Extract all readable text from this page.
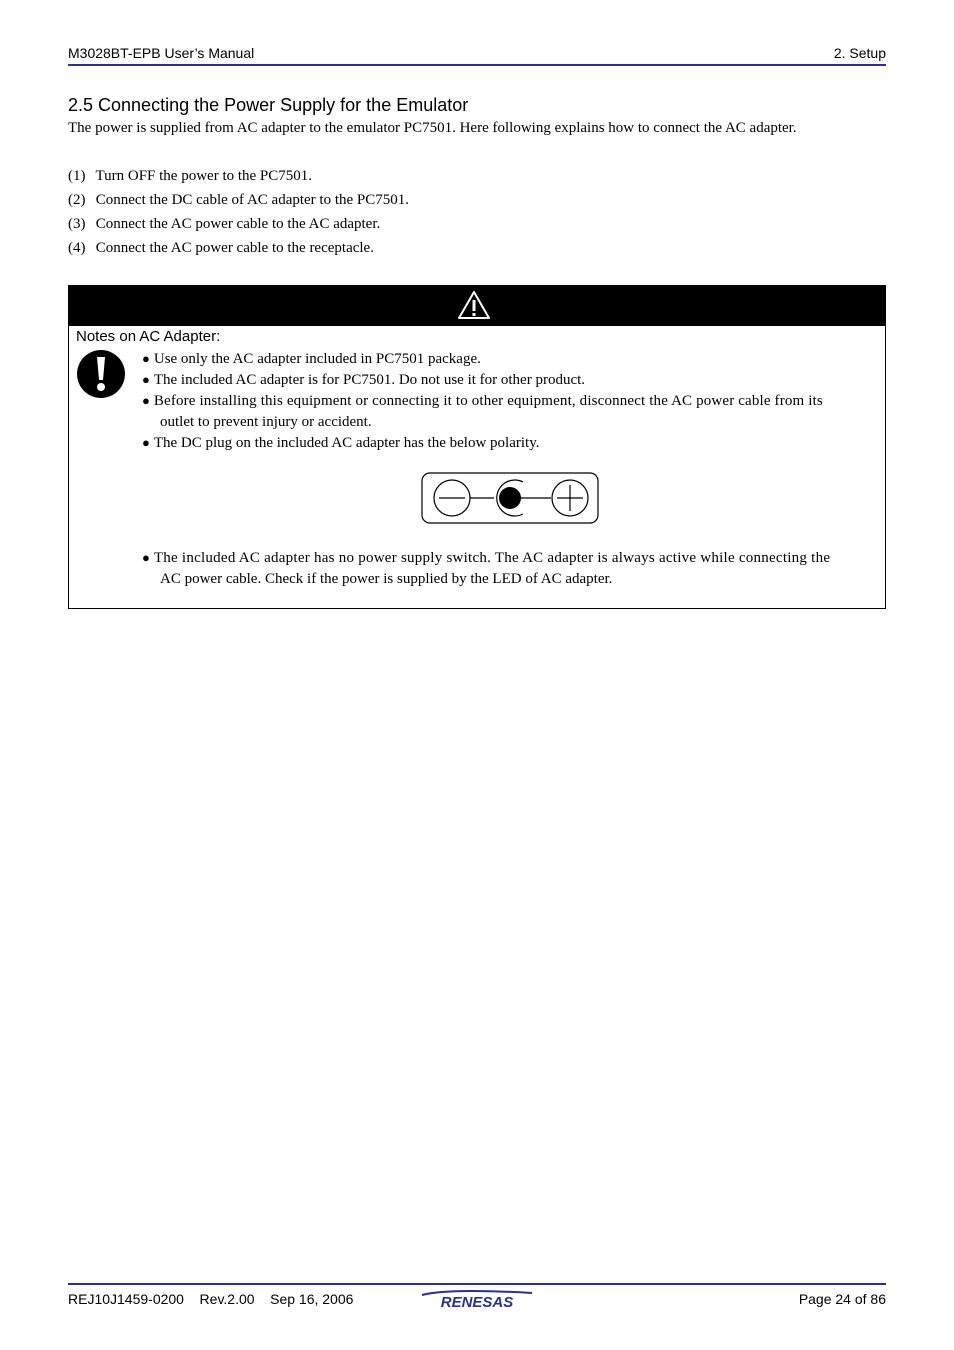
M3028BT-EPB User’s Manual	2. Setup
2.5 Connecting the Power Supply for the Emulator
The power is supplied from AC adapter to the emulator PC7501. Here following explains how to connect the AC adapter.
(1) Turn OFF the power to the PC7501.
(2) Connect the DC cable of AC adapter to the PC7501.
(3) Connect the AC power cable to the AC adapter.
(4) Connect the AC power cable to the receptacle.
Notes on AC Adapter:
● Use only the AC adapter included in PC7501 package.
● The included AC adapter is for PC7501. Do not use it for other product.
● Before installing this equipment or connecting it to other equipment, disconnect the AC power cable from its
outlet to prevent injury or accident.
● The DC plug on the included AC adapter has the below polarity.
● The included AC adapter has no power supply switch. The AC adapter is always active while connecting the
AC power cable. Check if the power is supplied by the LED of AC adapter.
REJ10J1459-0200 Rev.2.00 Sep 16, 2006	RENESAS	Page 24 of 86
